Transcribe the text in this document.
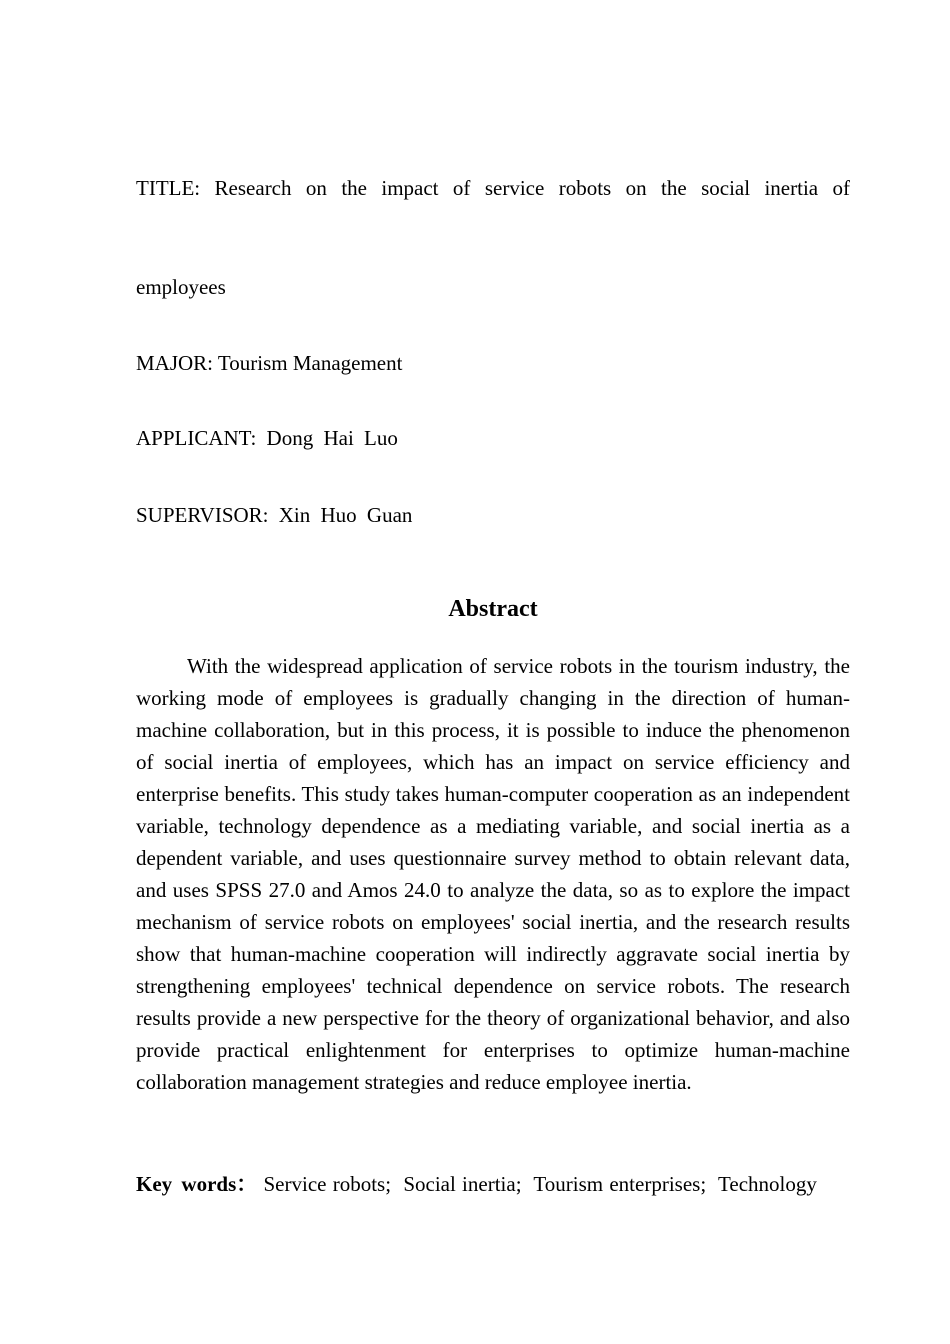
TITLE: Research on the impact of service robots on the social inertia of
employees
MAJOR: Tourism Management
APPLICANT: Dong Hai Luo
SUPERVISOR: Xin Huo Guan
Abstract

With the widespread application of service robots in the tourism industry, the working mode of employees is gradually changing in the direction of human-machine collaboration, but in this process, it is possible to induce the phenomenon of social inertia of employees, which has an impact on service efficiency and enterprise benefits. This study takes human-computer cooperation as an independent variable, technology dependence as a mediating variable, and social inertia as a dependent variable, and uses questionnaire survey method to obtain relevant data, and uses SPSS 27.0 and Amos 24.0 to analyze the data, so as to explore the impact mechanism of service robots on employees' social inertia, and the research results show that human-machine cooperation will indirectly aggravate social inertia by strengthening employees' technical dependence on service robots. The research results provide a new perspective for the theory of organizational behavior, and also provide practical enlightenment for enterprises to optimize human-machine collaboration management strategies and reduce employee inertia.

Key words： Service robots; Social inertia; Tourism enterprises; Technology
